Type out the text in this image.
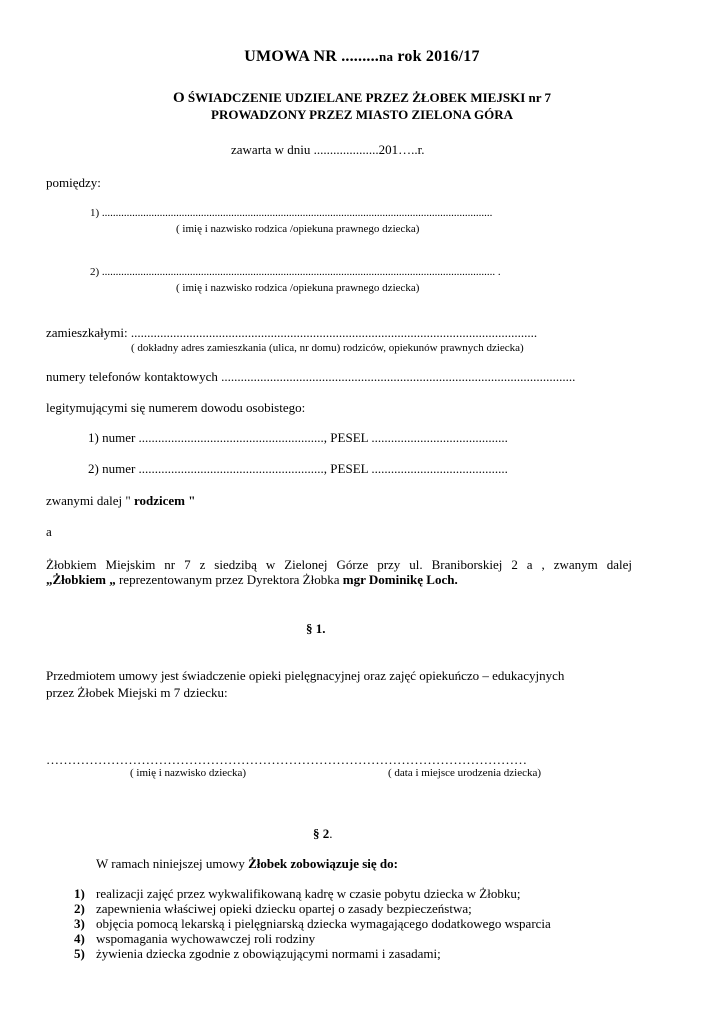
UMOWA NR .........na rok 2016/17
O ŚWIADCZENIE UDZIELANE PRZEZ ŻŁOBEK MIEJSKI nr 7
PROWADZONY PRZEZ MIASTO ZIELONA GÓRA
zawarta w dniu ....................201…..r.
pomiędzy:
1) ..............................................................................................................................................
( imię i nazwisko rodzica /opiekuna prawnego dziecka)
2) ............................................................................................................................................... .
( imię i nazwisko rodzica /opiekuna prawnego dziecka)
zamieszkałymi: .............................................................................................................................
( dokładny adres zamieszkania (ulica, nr domu) rodziców, opiekunów prawnych dziecka)
numery telefonów kontaktowych .............................................................................................................
legitymującymi się numerem dowodu osobistego:
1) numer ........................................................., PESEL ..........................................
2) numer ........................................................., PESEL ..........................................
zwanymi dalej " rodzicem "
a
Żłobkiem Miejskim nr 7 z siedzibą w Zielonej Górze przy ul. Braniborskiej 2 a , zwanym dalej
„Żłobkiem „ reprezentowanym przez Dyrektora Żłobka mgr Dominikę Loch.
§ 1.
Przedmiotem umowy jest świadczenie opieki pielęgnacyjnej oraz zajęć opiekuńczo – edukacyjnych
przez Żłobek Miejski m 7 dziecku:
…………………………………………………………………………………………………
( imię i nazwisko dziecka)	( data i miejsce urodzenia dziecka)
§ 2.
W ramach niniejszej umowy Żłobek zobowiązuje się do:
1) realizacji zajęć przez wykwalifikowaną kadrę w czasie pobytu dziecka w Żłobku;
2) zapewnienia właściwej opieki dziecku opartej o zasady bezpieczeństwa;
3) objęcia pomocą lekarską i pielęgniarską dziecka wymagającego dodatkowego wsparcia
4) wspomagania wychowawczej roli rodziny
5) żywienia dziecka zgodnie z obowiązującymi normami i zasadami;
